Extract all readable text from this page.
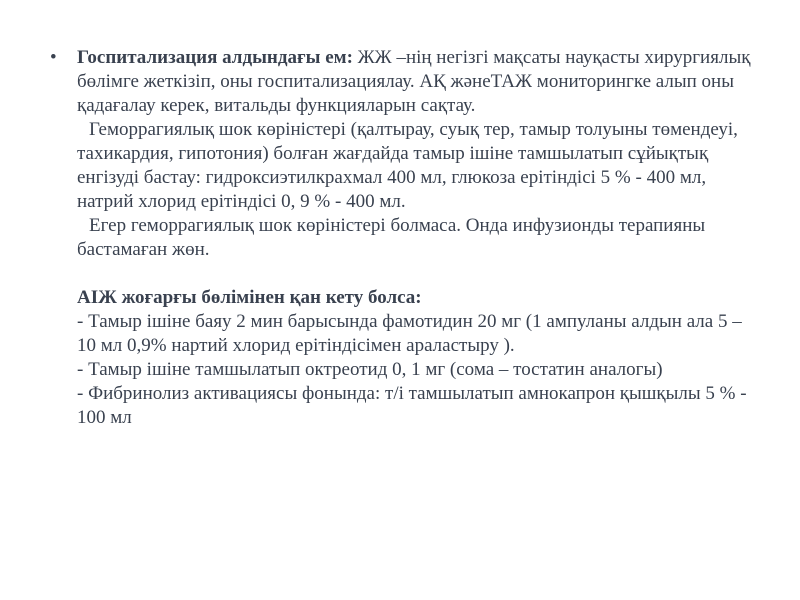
• Госпитализация алдындағы ем: ЖЖ –нің негізгі мақсаты науқасты хирургиялық бөлімге жеткізіп, оны госпитализациялау. АҚ жәнеТАЖ мониторингке алып оны қадағалау керек, витальды функцияларын сақтау.

Геморрагиялық шок көріністері (қалтырау, суық тер, тамыр толуыны төмендеуі, тахикардия, гипотония) болған жағдайда тамыр ішіне тамшылатып сұйықтық енгізуді бастау: гидроксиэтилкрахмал 400 мл, глюкоза ерітіндісі 5 % - 400 мл, натрий хлорид ерітіндісі 0, 9 % - 400 мл.

Егер геморрагиялық шок көріністері болмаса. Онда инфузионды терапияны бастамаған жөн.

АІЖ жоғарғы бөлімінен қан кету болса:

- Тамыр ішіне баяу 2 мин барысында фамотидин 20 мг (1 ампуланы алдын ала 5 – 10 мл 0,9% нартий хлорид ерітіндісімен араластыру ).

- Тамыр ішіне тамшылатып октреотид 0, 1 мг (сома – тостатин аналогы)

- Фибринолиз активациясы фонында: т/і тамшылатып амнокапрон қышқылы 5 % - 100 мл
